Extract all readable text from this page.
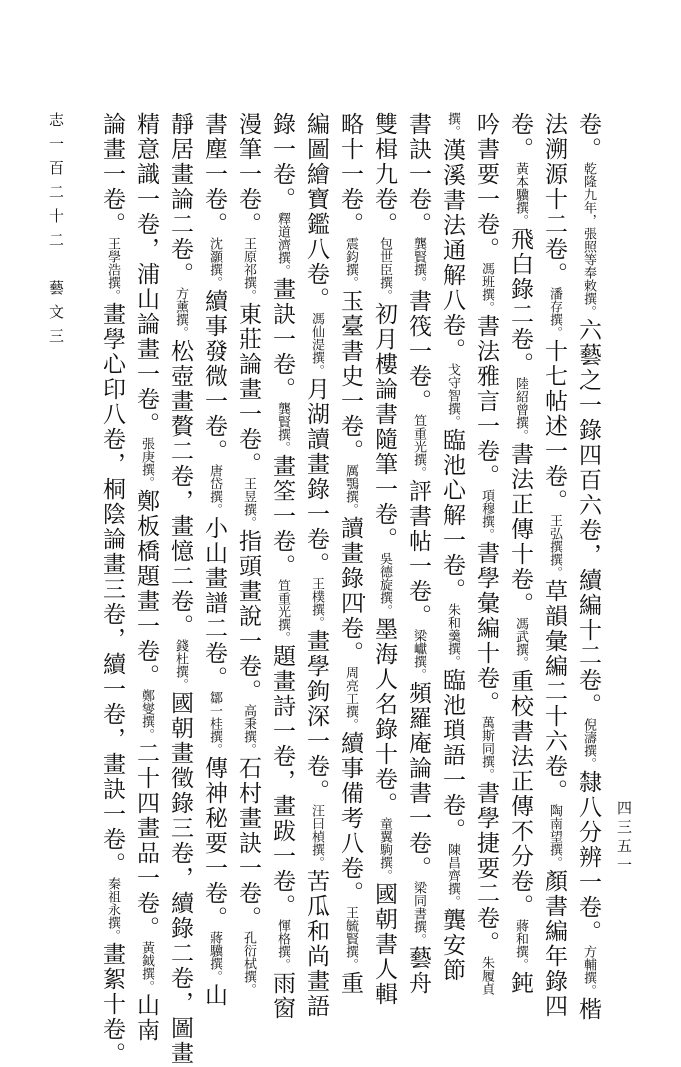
志一百二十二　藝文三
四三五一
卷。乾隆九年，張照等奉敕撰。六藝之一錄四百六卷，續編十二卷。倪濤撰。隸八分辨一卷。方輔撰。楷
法溯源十二卷。潘存撰。十七帖述一卷。王弘撰撰。草韻彙編二十六卷。陶南望撰。顏書編年錄四
卷。黃本驥撰。飛白錄二卷。陸紹曾撰。書法正傳十卷。馮武撰。重校書法正傳不分卷。蔣和撰。鈍
吟書要一卷。馮班撰。書法雅言一卷。項穆撰。書學彙編十卷。萬斯同撰。書學捷要二卷。朱履貞
撰。漢溪書法通解八卷。戈守智撰。臨池心解一卷。朱和羹撰。臨池瑣語一卷。陳昌齊撰。龔安節
書訣一卷。龔賢撰。書筏一卷。笪重光撰。評書帖一卷。梁巘撰。頻羅庵論書一卷。梁同書撰。藝舟
雙楫九卷。包世臣撰。初月樓論書隨筆一卷。吳德旋撰。墨海人名錄十卷。童翼駒撰。國朝書人輯
略十一卷。震鈞撰。玉臺書史一卷。厲鶚撰。讀畫錄四卷。周亮工撰。續事備考八卷。王毓賢撰。重
編圖繪寶鑑八卷。馮仙湜撰。月湖讀畫錄一卷。王樸撰。畫學鉤深一卷。汪曰楨撰。苦瓜和尚畫語
錄一卷。釋道濟撰。畫訣一卷。龔賢撰。畫筌一卷。笪重光撰。題畫詩一卷，畫跋一卷。惲格撰。雨窗
漫筆一卷。王原祁撰。東莊論畫一卷。王昱撰。指頭畫說一卷。高秉撰。石村畫訣一卷。孔衍栻撰。
書塵一卷。沈灝撰。續事發微一卷。唐岱撰。小山畫譜二卷。鄒一桂撰。傳神秘要一卷。蔣驥撰。山
靜居畫論二卷。方薰撰。松壺畫贅二卷，畫憶二卷。錢杜撰。國朝畫徵錄三卷，續錄二卷，圖畫
精意識一卷，浦山論畫一卷。張庚撰。鄭板橋題畫一卷。鄭燮撰。二十四畫品一卷。黃鉞撰。山南
論畫一卷。王學浩撰。畫學心印八卷，桐陰論畫三卷，續一卷，畫訣一卷。秦祖永撰。畫絮十卷。
